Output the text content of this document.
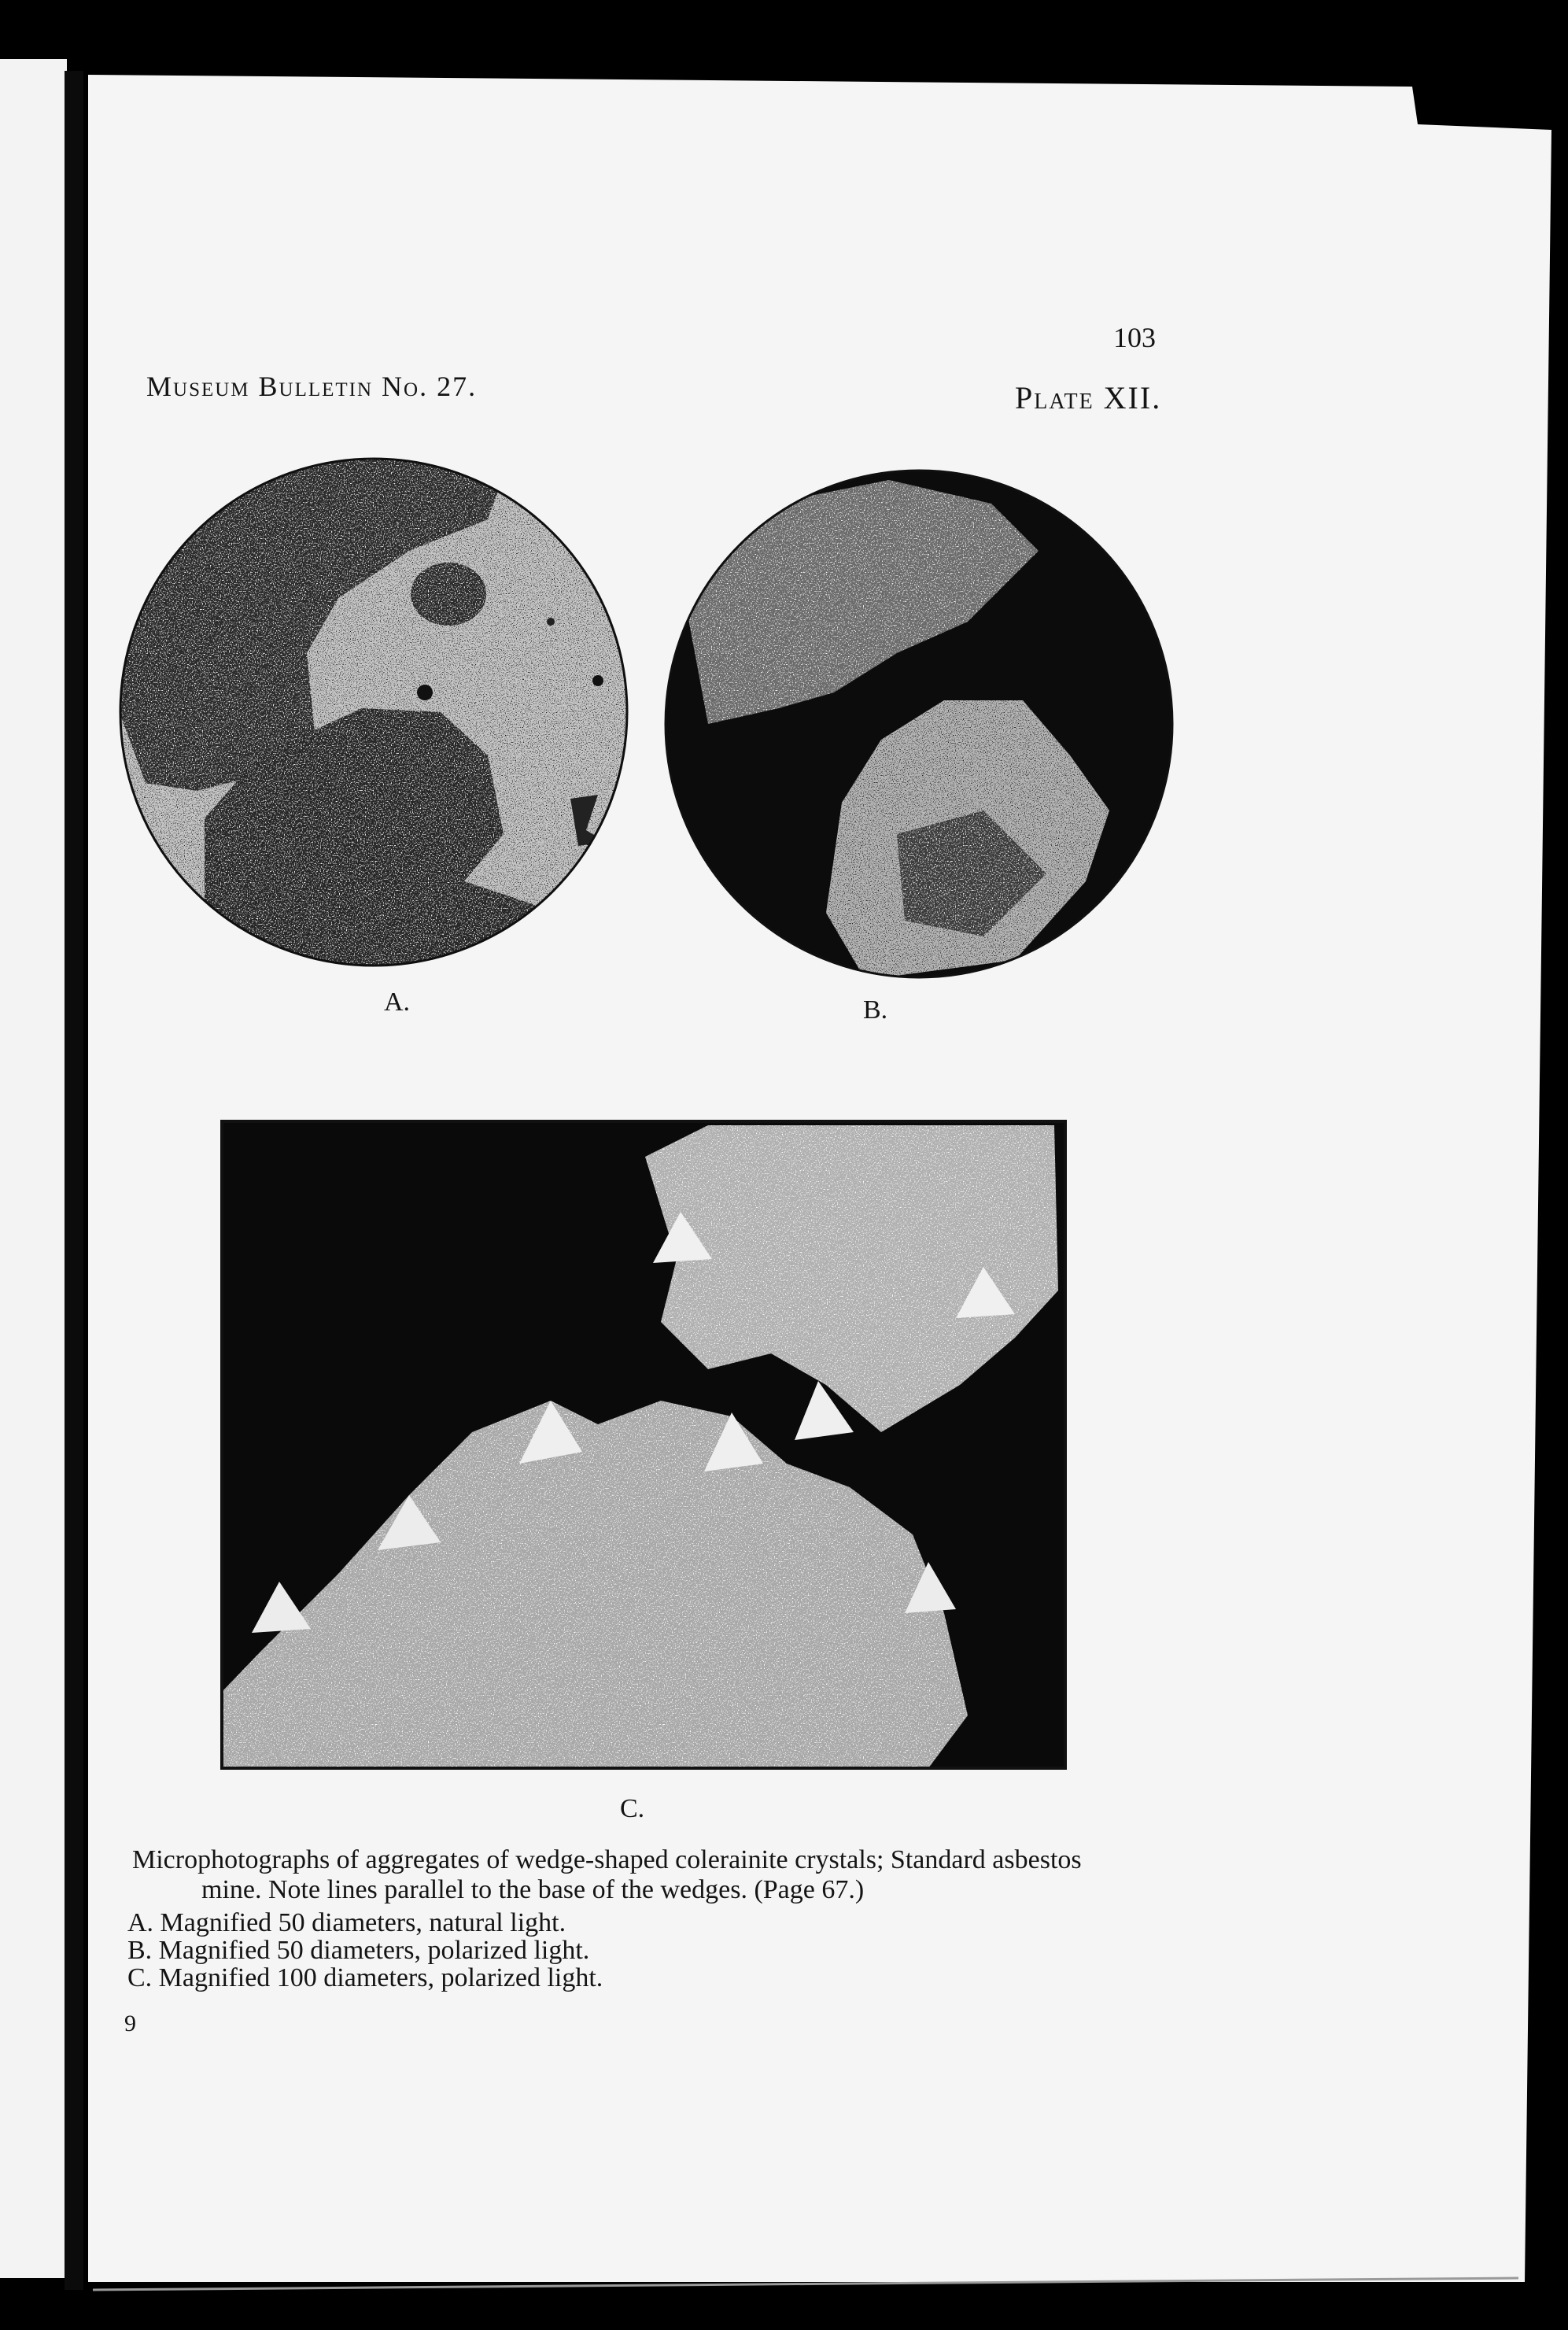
Museum Bulletin No. 27.

103

Plate XII.

A.	B.

C.

Microphotographs of aggregates of wedge-shaped colerainite crystals; Standard asbestos
mine. Note lines parallel to the base of the wedges. (Page 67.)

A. Magnified 50 diameters, natural light.

B. Magnified 50 diameters, polarized light.

C. Magnified 100 diameters, polarized light.

9
